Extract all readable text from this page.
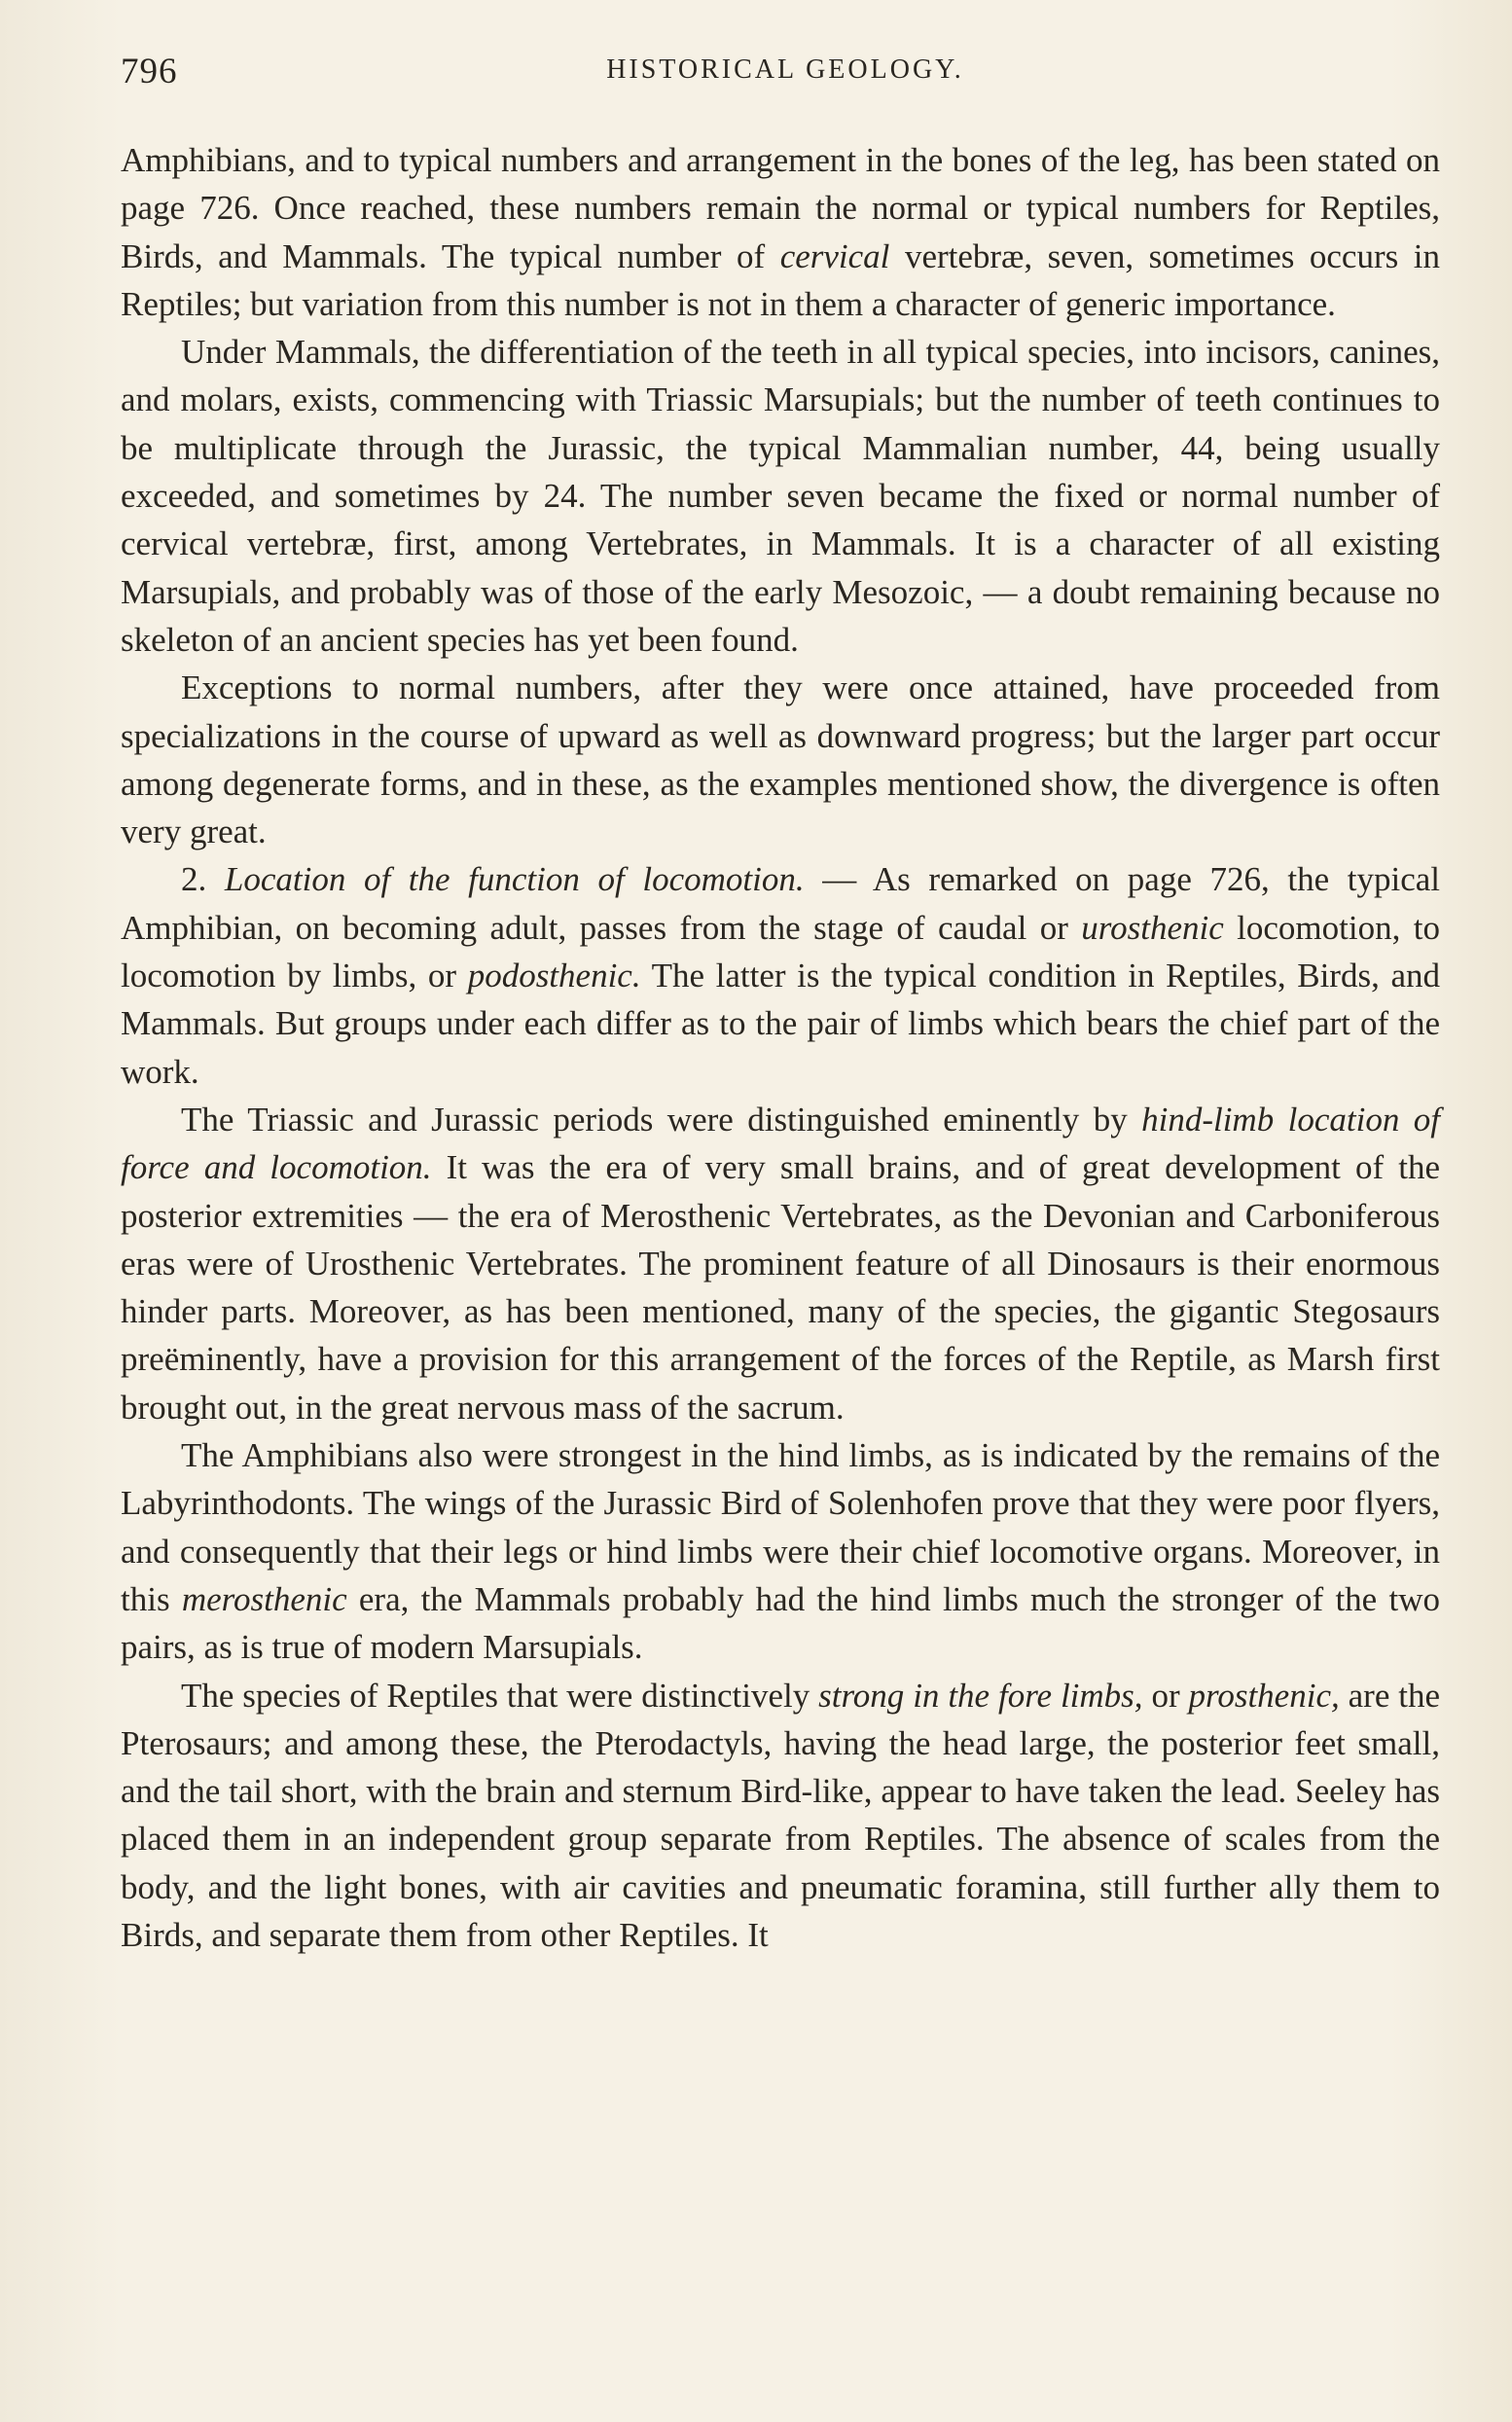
796	HISTORICAL GEOLOGY.

Amphibians, and to typical numbers and arrangement in the bones of the leg, has been stated on page 726. Once reached, these numbers remain the normal or typical numbers for Reptiles, Birds, and Mammals. The typical number of cervical vertebræ, seven, sometimes occurs in Reptiles; but variation from this number is not in them a character of generic importance.

Under Mammals, the differentiation of the teeth in all typical species, into incisors, canines, and molars, exists, commencing with Triassic Marsupials; but the number of teeth continues to be multiplicate through the Jurassic, the typical Mammalian number, 44, being usually exceeded, and sometimes by 24. The number seven became the fixed or normal number of cervical vertebræ, first, among Vertebrates, in Mammals. It is a character of all existing Marsupials, and probably was of those of the early Mesozoic, — a doubt remaining because no skeleton of an ancient species has yet been found.

Exceptions to normal numbers, after they were once attained, have proceeded from specializations in the course of upward as well as downward progress; but the larger part occur among degenerate forms, and in these, as the examples mentioned show, the divergence is often very great.

2. Location of the function of locomotion. — As remarked on page 726, the typical Amphibian, on becoming adult, passes from the stage of caudal or urosthenic locomotion, to locomotion by limbs, or podosthenic. The latter is the typical condition in Reptiles, Birds, and Mammals. But groups under each differ as to the pair of limbs which bears the chief part of the work.

The Triassic and Jurassic periods were distinguished eminently by hind-limb location of force and locomotion. It was the era of very small brains, and of great development of the posterior extremities — the era of Merosthenic Vertebrates, as the Devonian and Carboniferous eras were of Urosthenic Vertebrates. The prominent feature of all Dinosaurs is their enormous hinder parts. Moreover, as has been mentioned, many of the species, the gigantic Stegosaurs preëminently, have a provision for this arrangement of the forces of the Reptile, as Marsh first brought out, in the great nervous mass of the sacrum.

The Amphibians also were strongest in the hind limbs, as is indicated by the remains of the Labyrinthodonts. The wings of the Jurassic Bird of Solenhofen prove that they were poor flyers, and consequently that their legs or hind limbs were their chief locomotive organs. Moreover, in this merosthenic era, the Mammals probably had the hind limbs much the stronger of the two pairs, as is true of modern Marsupials.

The species of Reptiles that were distinctively strong in the fore limbs, or prosthenic, are the Pterosaurs; and among these, the Pterodactyls, having the head large, the posterior feet small, and the tail short, with the brain and sternum Bird-like, appear to have taken the lead. Seeley has placed them in an independent group separate from Reptiles. The absence of scales from the body, and the light bones, with air cavities and pneumatic foramina, still further ally them to Birds, and separate them from other Reptiles. It
